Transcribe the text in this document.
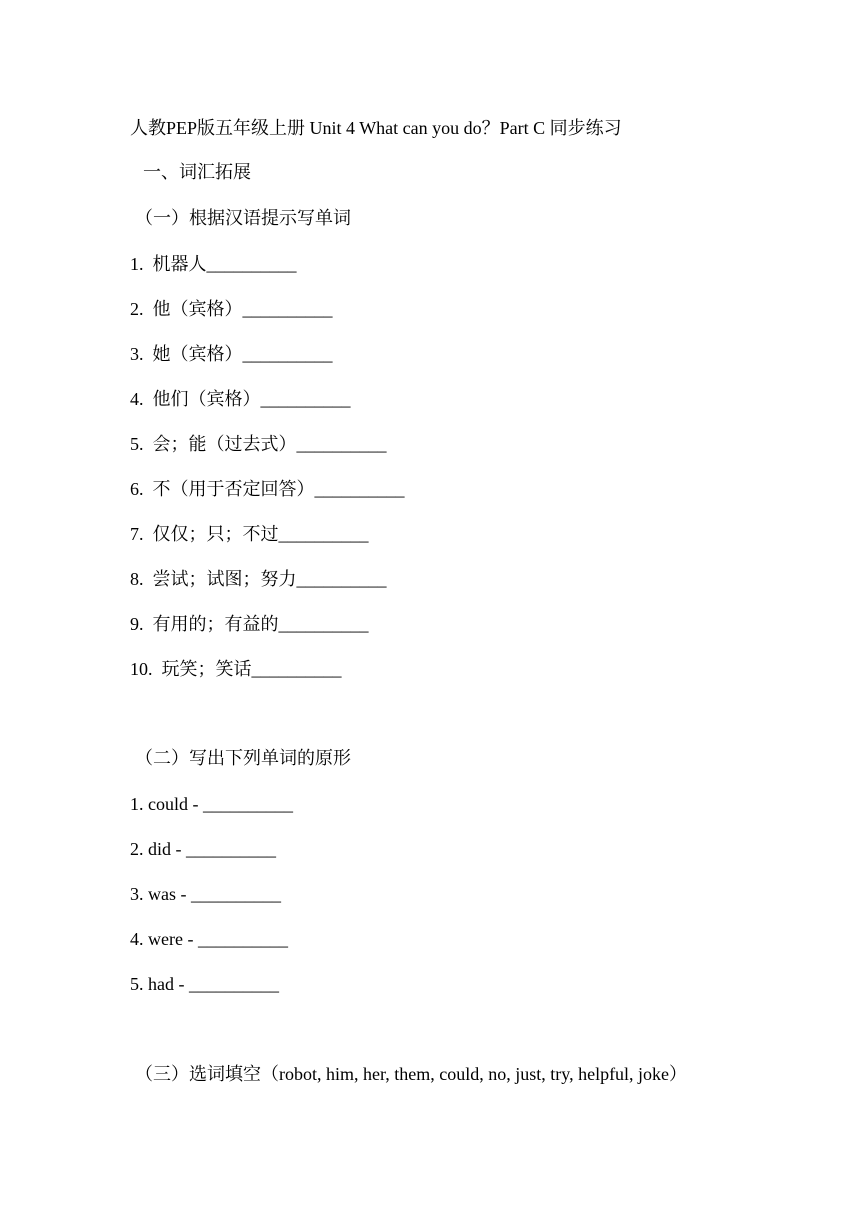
人教PEP版五年级上册 Unit 4 What can you do？Part C 同步练习
一、词汇拓展
（一）根据汉语提示写单词
1.  机器人__________
2.  他（宾格）__________
3.  她（宾格）__________
4.  他们（宾格）__________
5.  会；能（过去式）__________
6.  不（用于否定回答）__________
7.  仅仅；只；不过__________
8.  尝试；试图；努力__________
9.  有用的；有益的__________
10.  玩笑；笑话__________
（二）写出下列单词的原形
1. could - __________
2. did - __________
3. was - __________
4. were - __________
5. had - __________
（三）选词填空（robot, him, her, them, could, no, just, try, helpful, joke）
